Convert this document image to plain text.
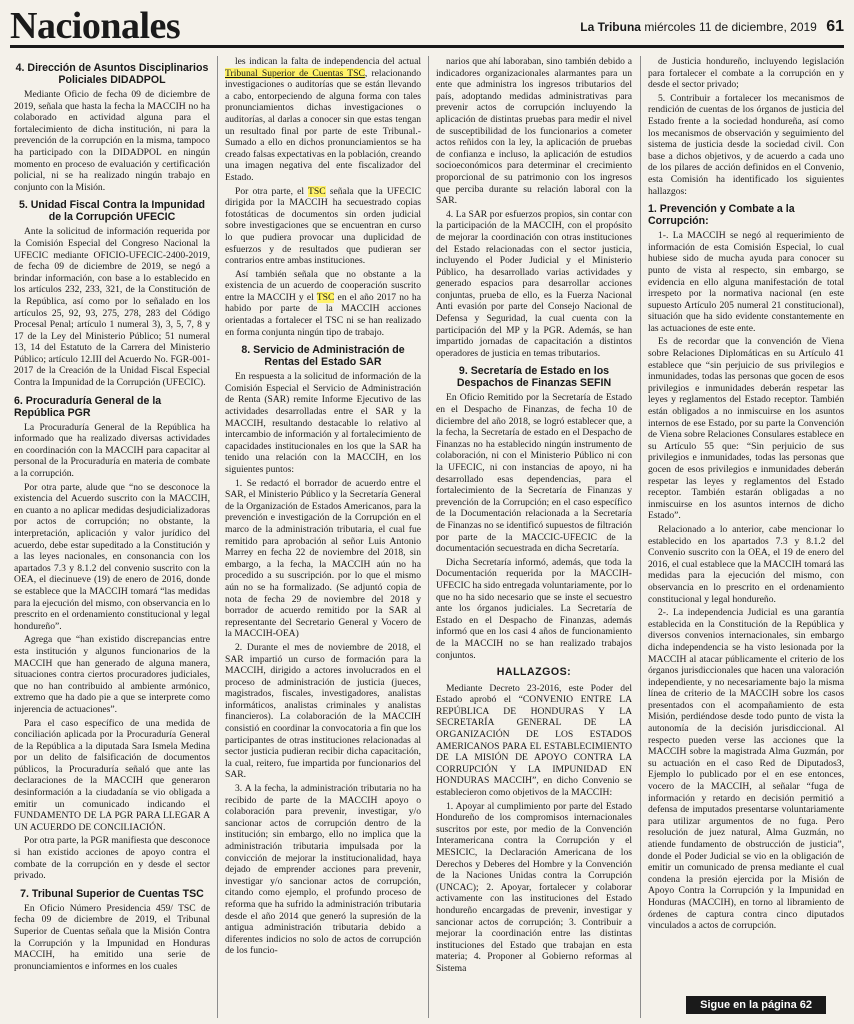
Nacionales	La Tribuna miércoles 11 de diciembre, 2019 61
4. Dirección de Asuntos Disciplinarios Policiales DIDADPOL

Mediante Oficio de fecha 09 de diciembre de 2019, señala que hasta la fecha la MACCIH no ha colaborado en actividad alguna para el fortalecimiento de dicha institución, ni para la prevención de la corrupción en la misma, tampoco ha participado con la DIDADPOL en ningún momento en proceso de evaluación y certificación policial, ni se ha realizado ningún trabajo en conjunto con la Misión.

5. Unidad Fiscal Contra la Impunidad de la Corrupción UFECIC

Ante la solicitud de información requerida por la Comisión Especial del Congreso Nacional la UFECIC mediante OFICIO-UFECIC-2400-2019, de fecha 09 de diciembre de 2019, se negó a brindar información, con base a lo establecido en los artículos 232, 233, 321, de la Constitución de la República, así como por lo señalado en los artículos 25, 92, 93, 275, 278, 283 del Código Procesal Penal; artículo 1 numeral 3), 3, 5, 7, 8 y 17 de la Ley del Ministerio Público; 51 numeral 13, 14 del Estatuto de la Carrera del Ministerio Público; artículo 12.III del Acuerdo No. FGR-001-2017 de la Creación de la Unidad Fiscal Especial Contra la Impunidad de la Corrupción (UFECIC).

6. Procuraduría General de la República PGR

La Procuraduría General de la República ha informado que ha realizado diversas actividades en coordinación con la MACCIH para capacitar al personal de la Procuraduría en materia de combate a la corrupción.

Por otra parte, alude que “no se desconoce la existencia del Acuerdo suscrito con la MACCIH, en cuanto a no aplicar medidas desjudicializadoras por actos de corrupción; no obstante, la interpretación, aplicación y valor jurídico del acuerdo, debe estar supeditado a la Constitución y a las leyes nacionales, en consonancia con los apartados 7.3 y 8.1.2 del convenio suscrito con la OEA, el diecinueve (19) de enero de 2016, donde se establece que la MACCIH tomará “las medidas para la ejecución del mismo, con observancia en lo prescrito en el ordenamiento constitucional y legal hondureño”.

Agrega que “han existido discrepancias entre esta institución y algunos funcionarios de la MACCIH que han generado de alguna manera, situaciones contra ciertos procuradores judiciales, que no han contribuido al ambiente armónico, extremo que ha dado pie a que se interprete como injerencia de actuaciones”.

Para el caso específico de una medida de conciliación aplicada por la Procuraduría General de la República a la diputada Sara Ismela Medina por un delito de falsificación de documentos públicos, la Procuraduría señaló que ante las declaraciones de la MACCIH que generaron desinformación a la ciudadanía se vio obligada a emitir un comunicado indicando el FUNDAMENTO DE LA PGR PARA LLEGAR A UN ACUERDO DE CONCILIACIÓN.

Por otra parte, la PGR manifiesta que desconoce si han existido acciones de apoyo contra el combate de la corrupción en y desde el sector privado.

7. Tribunal Superior de Cuentas TSC

En Oficio Número Presidencia 459/ TSC de fecha 09 de diciembre de 2019, el Tribunal Superior de Cuentas señala que la Misión Contra la Corrupción y la Impunidad en Honduras MACCIH, ha emitido una serie de pronunciamientos e informes en los cuales

les indican la falta de independencia del actual Tribunal Superior de Cuentas TSC, relacionando investigaciones o auditorías que se están llevando a cabo, entorpeciendo de alguna forma con tales pronunciamientos dichas investigaciones o auditorías, al darlas a conocer sin que estas tengan un resultado final por parte de este Tribunal.- Sumado a ello en dichos pronunciamientos se ha creado falsas expectativas en la población, creando una imagen negativa del ente fiscalizador del Estado.

Por otra parte, el TSC señala que la UFECIC dirigida por la MACCIH ha secuestrado copias fotostáticas de documentos sin orden judicial sobre investigaciones que se encuentran en curso lo que pudiera provocar una duplicidad de esfuerzos y de resultados que pudieran ser contrarios entre ambas instituciones.

Así también señala que no obstante a la existencia de un acuerdo de cooperación suscrito entre la MACCIH y el TSC en el año 2017 no ha habido por parte de la MACCIH acciones orientadas a fortalecer el TSC ni se han realizado en forma conjunta ningún tipo de trabajo.

8. Servicio de Administración de Rentas del Estado SAR

En respuesta a la solicitud de información de la Comisión Especial el Servicio de Administración de Renta (SAR) remite Informe Ejecutivo de las actividades desarrolladas entre el SAR y la MACCIH, resultando destacable lo relativo al intercambio de información y al fortalecimiento de capacidades institucionales en los que la SAR ha tenido una relación con la MACCIH, en los siguientes puntos:

1. Se redactó el borrador de acuerdo entre el SAR, el Ministerio Público y la Secretaría General de la Organización de Estados Americanos, para la prevención e investigación de la Corrupción en el marco de la administración tributaria, el cual fue remitido para aprobación al señor Luis Antonio Marrey en fecha 22 de noviembre del 2018, sin embargo, a la fecha, la MACCIH aún no ha procedido a su suscripción. por lo que el mismo aún no se ha formalizado. (Se adjuntó copia de nota de fecha 29 de noviembre del 2018 y borrador de acuerdo remitido por la SAR al representante del Secretario General y Vocero de la MACCIH-OEA)

2. Durante el mes de noviembre de 2018, el SAR impartió un curso de formación para la MACCIH, dirigido a actores involucrados en el proceso de administración de justicia (jueces, magistrados, fiscales, investigadores, analistas informáticos, analistas criminales y analistas financieros). La colaboración de la MACCIH consistió en coordinar la convocatoria a fin que los participantes de otras instituciones relacionadas al sector justicia pudieran recibir dicha capacitación, la cual, reitero, fue impartida por funcionarios del SAR.

3. A la fecha, la administración tributaria no ha recibido de parte de la MACCIH apoyo o colaboración para prevenir, investigar, y/o sancionar actos de corrupción dentro de la institución; sin embargo, ello no implica que la administración tributaria impulsada por la convicción de mejorar la institucionalidad, haya dejado de emprender acciones para prevenir, investigar y/o sancionar actos de corrupción, citando como ejemplo, el profundo proceso de reforma que ha sufrido la administración tributaria desde el año 2014 que generó la supresión de la antigua administración tributaria debido a diferentes indicios no solo de actos de corrupción de los funcio-

narios que ahí laboraban, sino también debido a indicadores organizacionales alarmantes para un ente que administra los ingresos tributarios del país, adoptando medidas administrativas para prevenir actos de corrupción incluyendo la aplicación de distintas pruebas para medir el nivel de susceptibilidad de los funcionarios a cometer actos reñidos con la ley, la aplicación de pruebas de confianza e incluso, la aplicación de estudios socioeconómicos para determinar el crecimiento proporcional de su patrimonio con los ingresos que perciba durante su relación laboral con la SAR.

4. La SAR por esfuerzos propios, sin contar con la participación de la MACCIH, con el propósito de mejorar la coordinación con otras instituciones del Estado relacionadas con el sector justicia, incluyendo el Poder Judicial y el Ministerio Público, ha desarrollado varias actividades y generado espacios para desarrollar acciones conjuntas, prueba de ello, es la Fuerza Nacional Anti evasión por parte del Consejo Nacional de Defensa y Seguridad, la cual cuenta con la participación del MP y la PGR. Además, se han impartido jornadas de capacitación a distintos operadores de justicia en temas tributarios.

9. Secretaría de Estado en los Despachos de Finanzas SEFIN

En Oficio Remitido por la Secretaría de Estado en el Despacho de Finanzas, de fecha 10 de diciembre del año 2018, se logró establecer que, a la fecha, la Secretaría de estado en el Despacho de Finanzas no ha establecido ningún instrumento de colaboración, ni con el Ministerio Público ni con la UFECIC, ni con instancias de apoyo, ni ha desarrollado esas dependencias, para el fortalecimiento de la Secretaría de Finanzas y prevención de la Corrupción; en el caso específico de la Documentación relacionada a la Secretaría de Finanzas no se identificó supuestos de filtración por parte de la MACCIC-UFECIC de la documentación secuestrada en dicha Secretaría.

Dicha Secretaría informó, además, que toda la Documentación requerida por la MACCIH-UFECIC ha sido entregada voluntariamente, por lo que no ha sido necesario que se inste el secuestro ante los órganos judiciales. La Secretaría de Estado en el Despacho de Finanzas, además informó que en los casi 4 años de funcionamiento de la MACCIH no se han realizado trabajos conjuntos.

HALLAZGOS:

Mediante Decreto 23-2016, este Poder del Estado aprobó el “CONVENIO ENTRE LA REPÚBLICA DE HONDURAS Y LA SECRETARÍA GENERAL DE LA ORGANIZACIÓN DE LOS ESTADOS AMERICANOS PARA EL ESTABLECIMIENTO DE LA MISIÓN DE APOYO CONTRA LA CORRUPCIÓN Y LA IMPUNIDAD EN HONDURAS MACCIH”, en dicho Convenio se establecieron como objetivos de la MACCIH:

1. Apoyar al cumplimiento por parte del Estado Hondureño de los compromisos internacionales suscritos por este, por medio de la Convención Interamericana contra la Corrupción y el MESICIC, la Declaración Americana de los Derechos y Deberes del Hombre y la Convención de la Naciones Unidas contra la Corrupción (UNCAC); 2. Apoyar, fortalecer y colaborar activamente con las instituciones del Estado hondureño encargadas de prevenir, investigar y sancionar actos de corrupción; 3. Contribuir a mejorar la coordinación entre las distintas instituciones del Estado que trabajan en esta materia; 4. Proponer al Gobierno reformas al Sistema

de Justicia hondureño, incluyendo legislación para fortalecer el combate a la corrupción en y desde el sector privado;

5. Contribuir a fortalecer los mecanismos de rendición de cuentas de los órganos de justicia del Estado frente a la sociedad hondureña, así como los mecanismos de observación y seguimiento del sistema de justicia desde la sociedad civil. Con base a dichos objetivos, y de acuerdo a cada uno de los pilares de acción definidos en el Convenio, esta Comisión ha identificado los siguientes hallazgos:

1. Prevención y Combate a la Corrupción:

1-. La MACCIH se negó al requerimiento de información de esta Comisión Especial, lo cual hubiese sido de mucha ayuda para conocer su punto de vista al respecto, sin embargo, se evidencia en ello alguna manifestación de total irrespeto por la normativa nacional (en este supuesto Artículo 205 numeral 21 constitucional), situación que ha sido evidente constantemente en las actuaciones de este ente.

Es de recordar que la convención de Viena sobre Relaciones Diplomáticas en su Artículo 41 establece que “sin perjuicio de sus privilegios e inmunidades, todas las personas que gocen de esos privilegios e inmunidades deberán respetar las leyes y reglamentos del Estado receptor. También están obligados a no inmiscuirse en los asuntos internos de ese Estado, por su parte la Convención de Viena sobre Relaciones Consulares establece en su Artículo 55 que: “Sin perjuicio de sus privilegios e inmunidades, todas las personas que gocen de esos privilegios e inmunidades deberán respetar las leyes y reglamentos del Estado receptor. También estarán obligadas a no inmiscuirse en los asuntos internos de dicho Estado”.

Relacionado a lo anterior, cabe mencionar lo establecido en los apartados 7.3 y 8.1.2 del Convenio suscrito con la OEA, el 19 de enero del 2016, el cual establece que la MACCIH tomará las medidas para la ejecución del mismo, con observancia en lo prescrito en el ordenamiento constitucional y legal hondureño.

2-. La independencia Judicial es una garantía establecida en la Constitución de la República y diversos convenios internacionales, sin embargo dicha independencia se ha visto lesionada por la MACCIH al atacar públicamente el criterio de los órganos jurisdiccionales que hacen una valoración independiente, y no necesariamente bajo la misma línea de criterio de la MACCIH sobre los casos presentados con el acompañamiento de esta Misión, perdiéndose desde todo punto de vista la autonomía de la decisión jurisdiccional. Al respecto pueden verse las acciones que la MACCIH sobre la magistrada Alma Guzmán, por su actuación en el caso Red de Diputados3, Ejemplo lo publicado por el en ese entonces, vocero de la MACCIH, al señalar “fuga de información y retardo en decisión permitió a defensa de imputados presentarse voluntariamente para utilizar argumentos de no fuga. Pero resolución de juez natural, Alma Guzmán, no atiende fundamento de obstrucción de justicia”, donde el Poder Judicial se vio en la obligación de emitir un comunicado de prensa mediante el cual condena la presión ejercida por la Misión de Apoyo Contra la Corrupción y la Impunidad en Honduras (MACCIH), en torno al libramiento de órdenes de captura contra cinco diputados vinculados a actos de corrupción.

Sigue en la página 62
